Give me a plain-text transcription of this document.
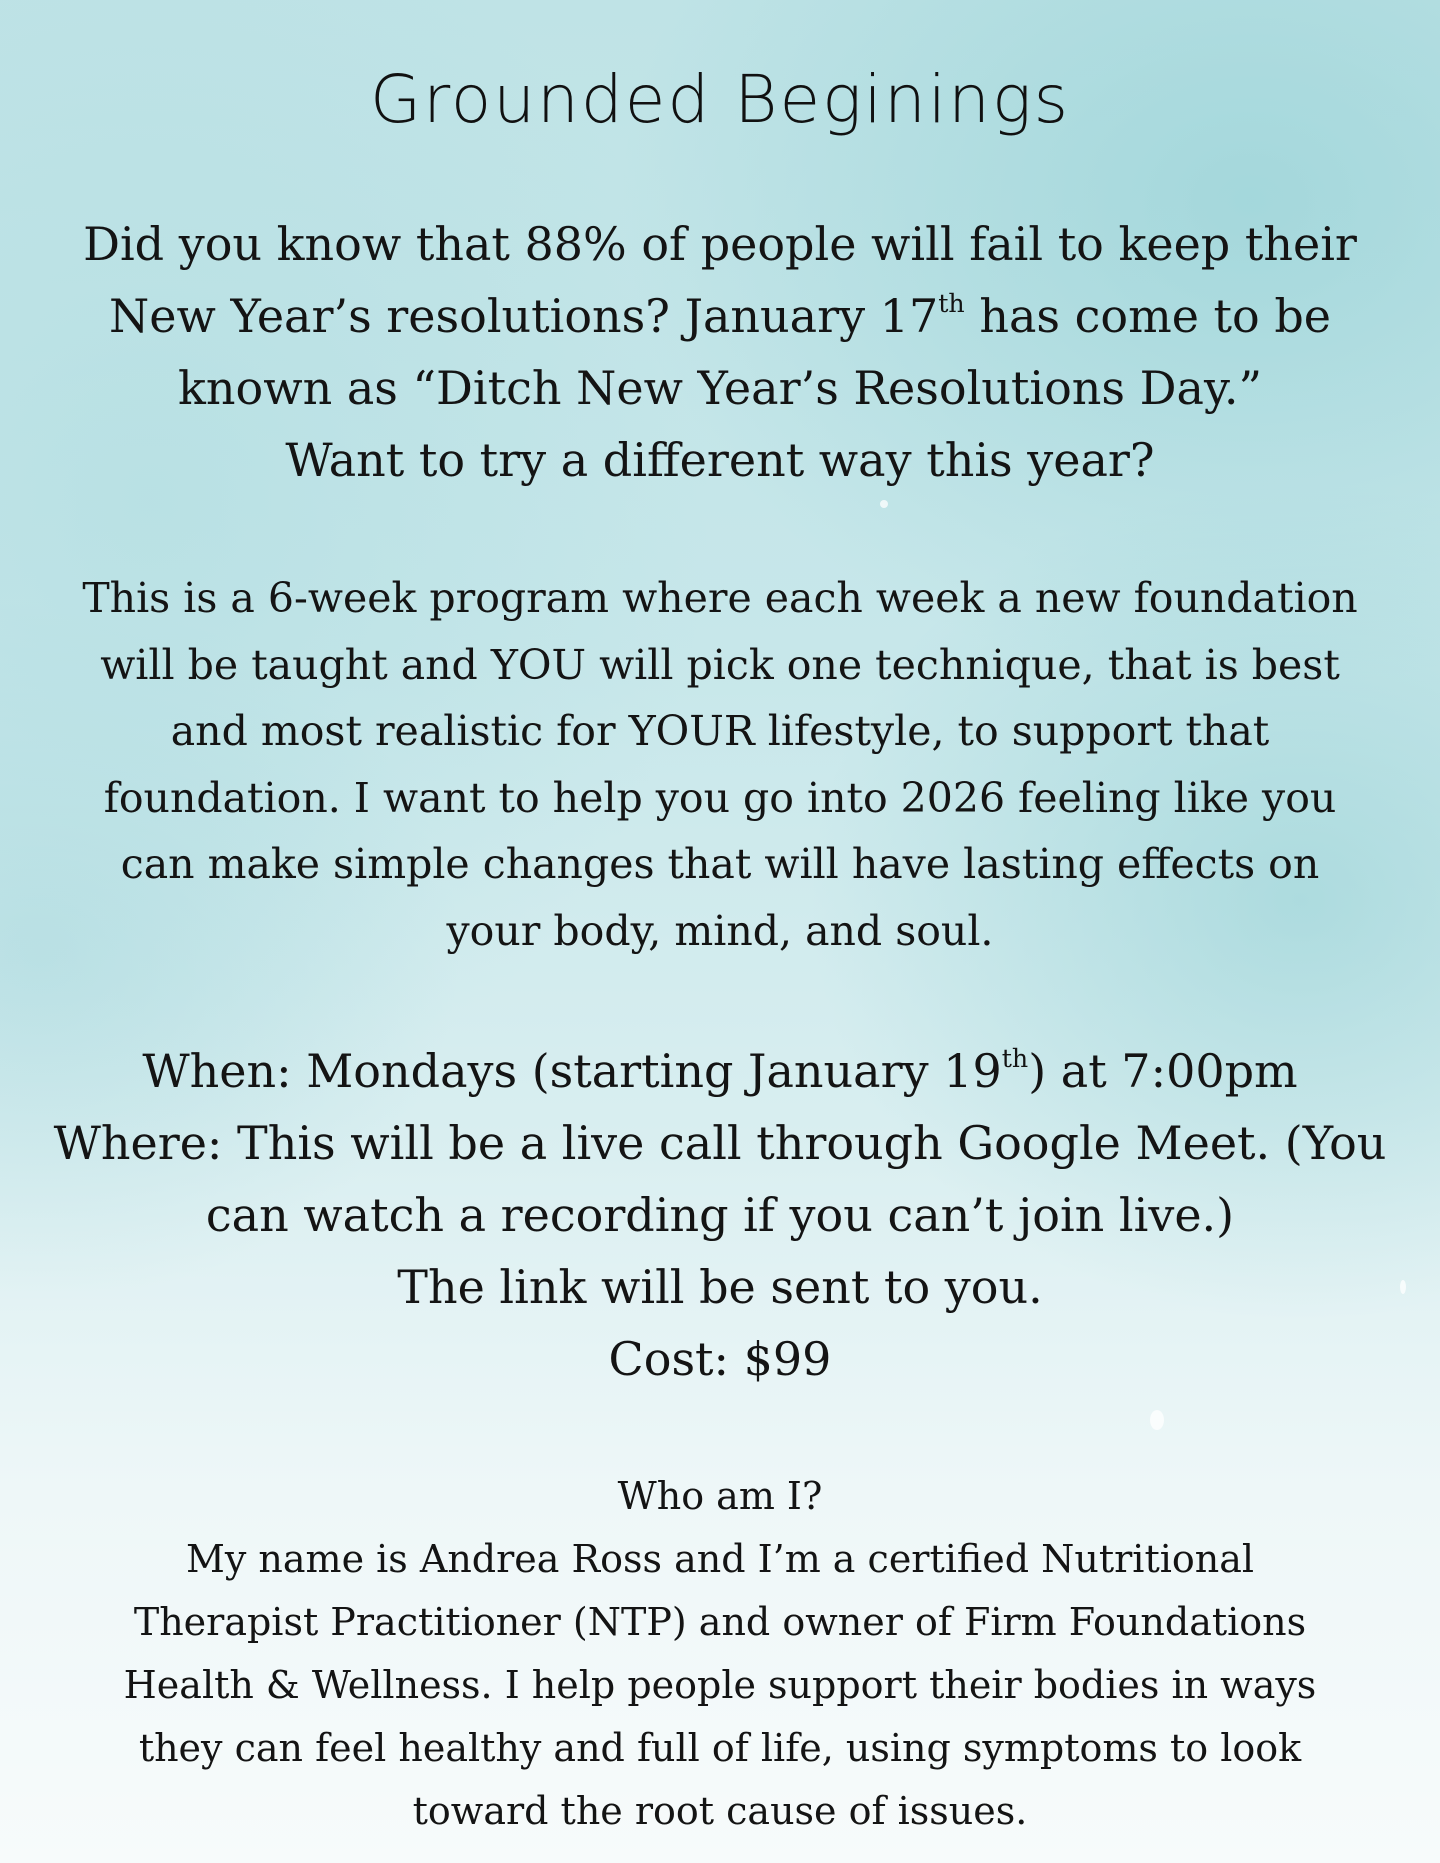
Grounded Beginings

Did you know that 88% of people will fail to keep their

New Year’s resolutions? January 17th has come to be

known as “Ditch New Year’s Resolutions Day.”

Want to try a different way this year?

This is a 6-week program where each week a new foundation

will be taught and YOU will pick one technique, that is best

and most realistic for YOUR lifestyle, to support that

foundation. I want to help you go into 2026 feeling like you

can make simple changes that will have lasting effects on

your body, mind, and soul.

When: Mondays (starting January 19th) at 7:00pm

Where: This will be a live call through Google Meet. (You

can watch a recording if you can’t join live.)

The link will be sent to you.

Cost: $99

Who am I?

My name is Andrea Ross and I’m a certified Nutritional

Therapist Practitioner (NTP) and owner of Firm Foundations

Health & Wellness. I help people support their bodies in ways

they can feel healthy and full of life, using symptoms to look

toward the root cause of issues.
